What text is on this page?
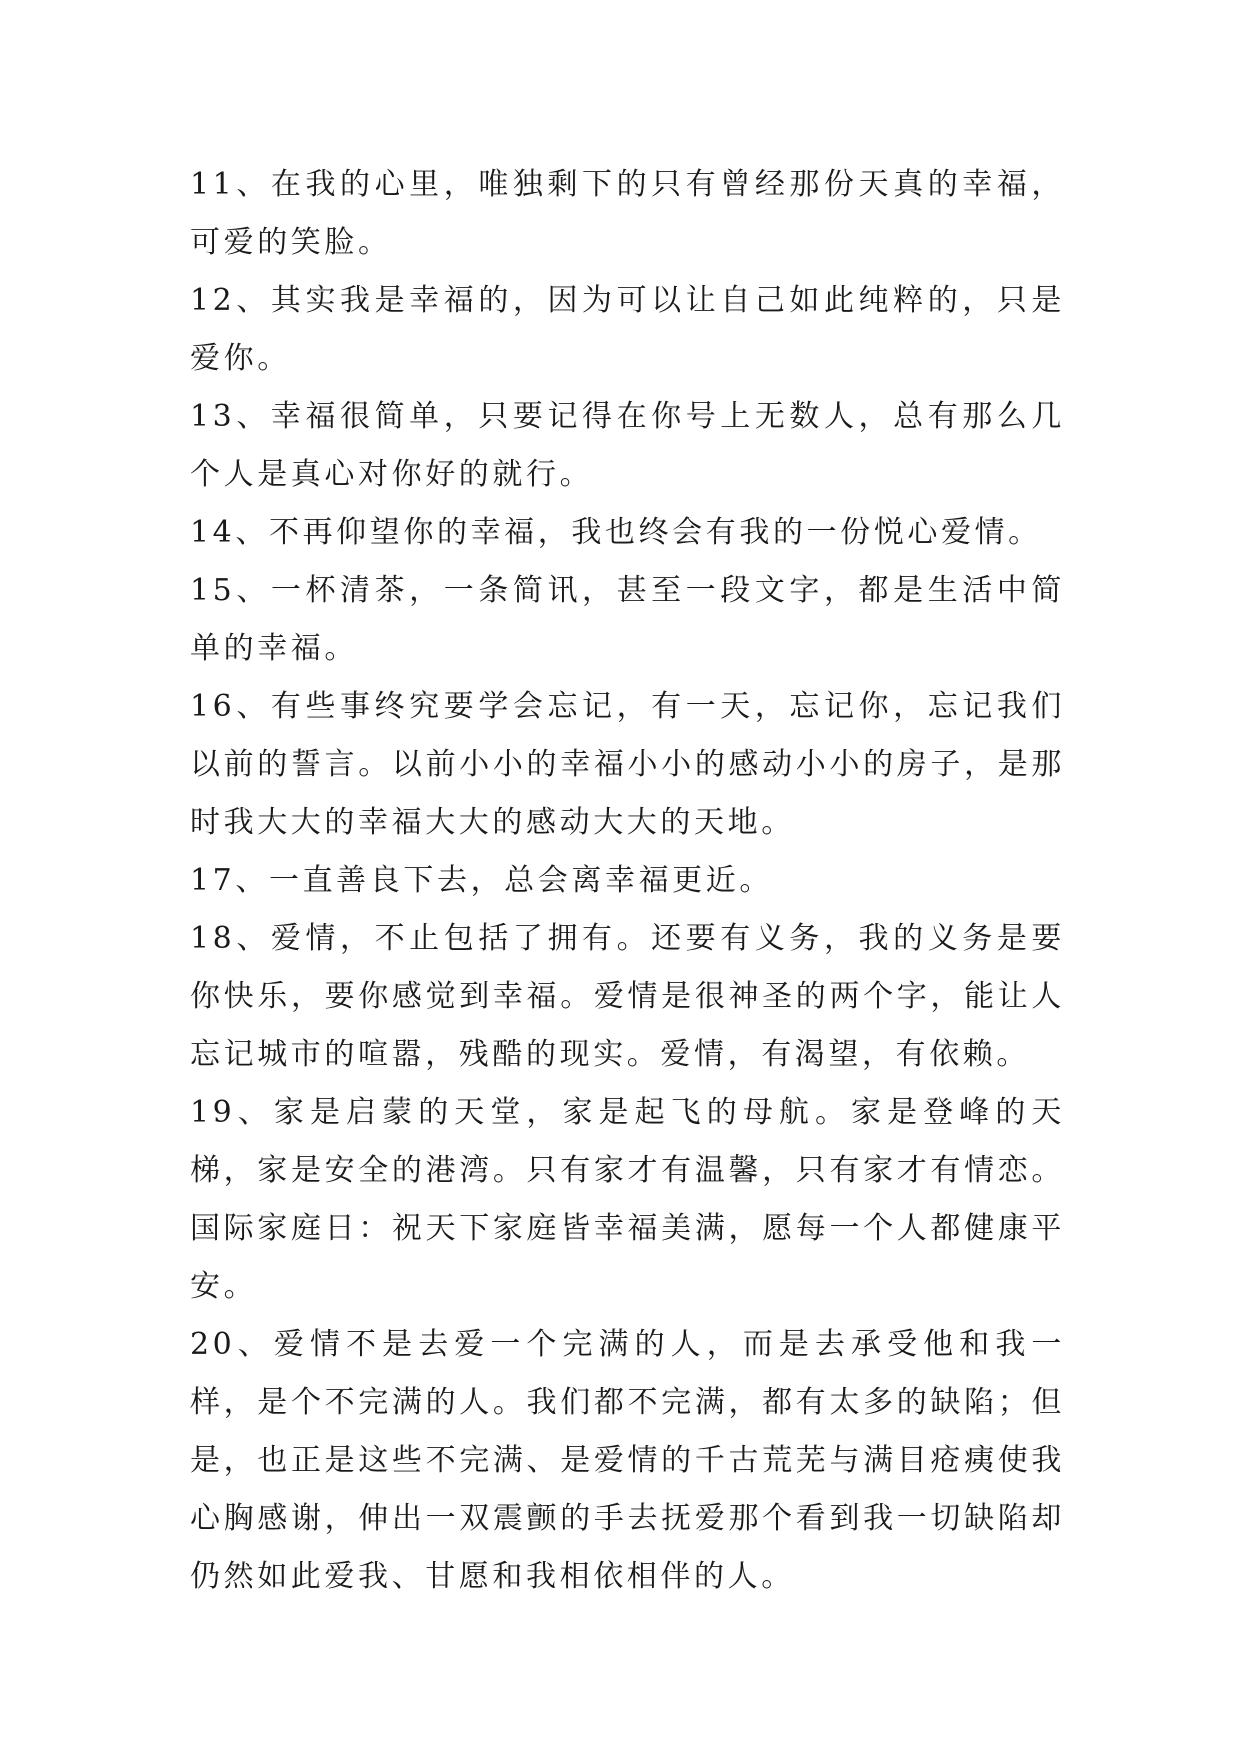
11、在我的心里，唯独剩下的只有曾经那份天真的幸福，可爱的笑脸。

12、其实我是幸福的，因为可以让自己如此纯粹的，只是爱你。

13、幸福很简单，只要记得在你号上无数人，总有那么几个人是真心对你好的就行。

14、不再仰望你的幸福，我也终会有我的一份悦心爱情。

15、一杯清茶，一条简讯，甚至一段文字，都是生活中简单的幸福。

16、有些事终究要学会忘记，有一天，忘记你，忘记我们以前的誓言。以前小小的幸福小小的感动小小的房子，是那时我大大的幸福大大的感动大大的天地。

17、一直善良下去，总会离幸福更近。

18、爱情，不止包括了拥有。还要有义务，我的义务是要你快乐，要你感觉到幸福。爱情是很神圣的两个字，能让人忘记城市的喧嚣，残酷的现实。爱情，有渴望，有依赖。

19、家是启蒙的天堂，家是起飞的母航。家是登峰的天梯，家是安全的港湾。只有家才有温馨，只有家才有情恋。国际家庭日：祝天下家庭皆幸福美满，愿每一个人都健康平安。

20、爱情不是去爱一个完满的人，而是去承受他和我一样，是个不完满的人。我们都不完满，都有太多的缺陷；但是，也正是这些不完满、是爱情的千古荒芜与满目疮痍使我心胸感谢，伸出一双震颤的手去抚爱那个看到我一切缺陷却仍然如此爱我、甘愿和我相依相伴的人。
